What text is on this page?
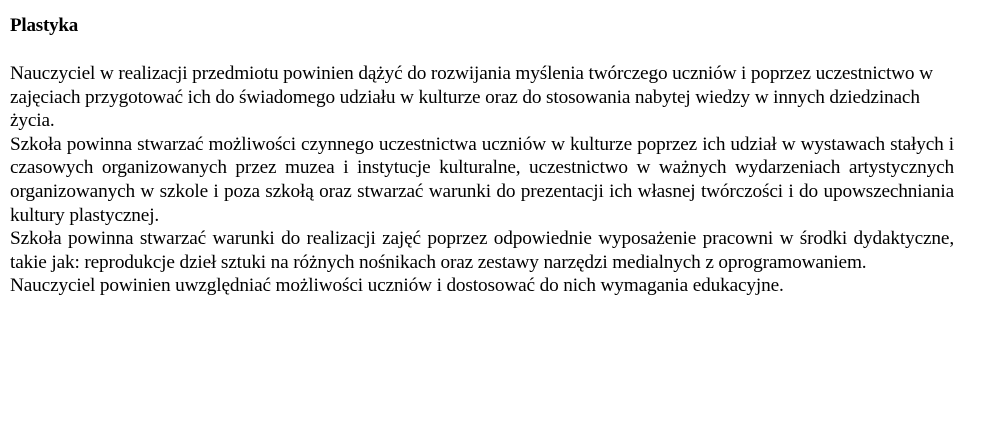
Plastyka

Nauczyciel w realizacji przedmiotu powinien dążyć do rozwijania myślenia twórczego uczniów i poprzez uczestnictwo w zajęciach przygotować ich do świadomego udziału w kulturze oraz do stosowania nabytej wiedzy w innych dziedzinach życia.

Szkoła powinna stwarzać możliwości czynnego uczestnictwa uczniów w kulturze poprzez ich udział w wystawach stałych i czasowych organizowanych przez muzea i instytucje kulturalne, uczestnictwo w ważnych wydarzeniach artystycznych organizowanych w szkole i poza szkołą oraz stwarzać warunki do prezentacji ich własnej twórczości i do upowszechniania kultury plastycznej.

Szkoła powinna stwarzać warunki do realizacji zajęć poprzez odpowiednie wyposażenie pracowni w środki dydaktyczne, takie jak: reprodukcje dzieł sztuki na różnych nośnikach oraz zestawy narzędzi medialnych z oprogramowaniem.

Nauczyciel powinien uwzględniać możliwości uczniów i dostosować do nich wymagania edukacyjne.
